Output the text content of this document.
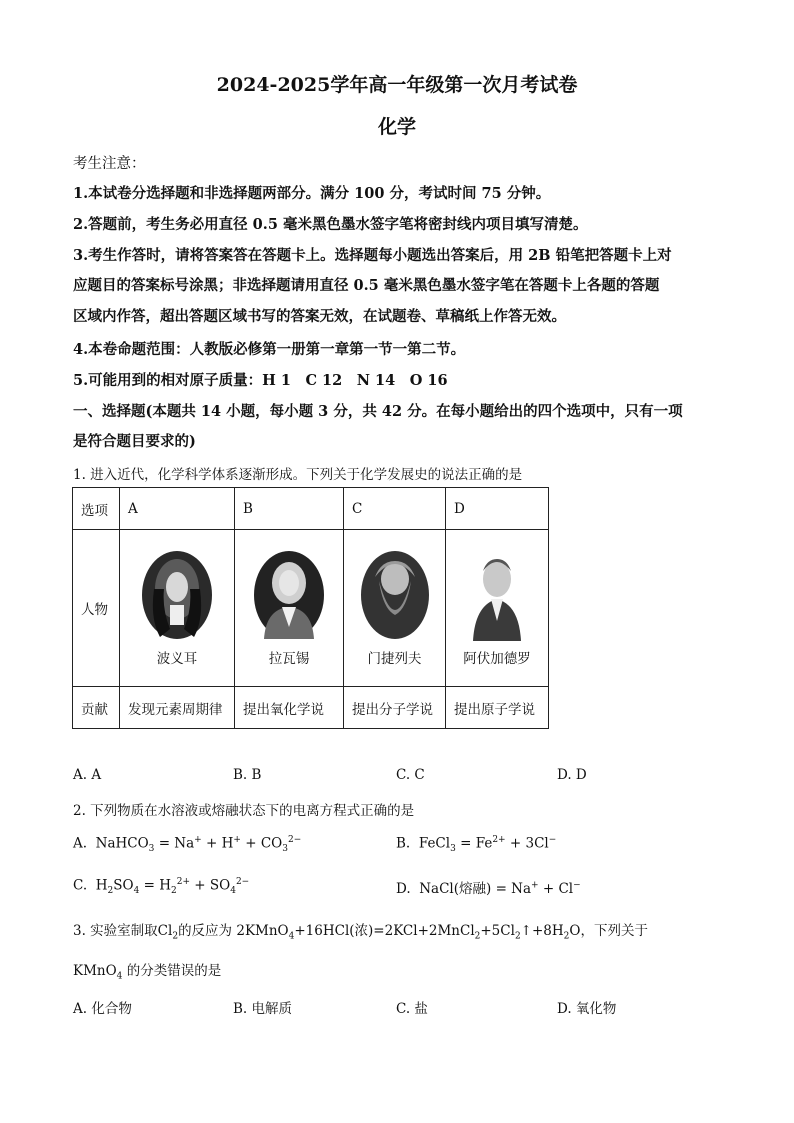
2024-2025学年高一年级第一次月考试卷
化学
考生注意：
1.本试卷分选择题和非选择题两部分。满分 100 分，考试时间 75 分钟。
2.答题前，考生务必用直径 0.5 毫米黑色墨水签字笔将密封线内项目填写清楚。
3.考生作答时，请将答案答在答题卡上。选择题每小题选出答案后，用 2B 铅笔把答题卡上对
应题目的答案标号涂黑；非选择题请用直径 0.5 毫米黑色墨水签字笔在答题卡上各题的答题
区域内作答，超出答题区域书写的答案无效，在试题卷、草稿纸上作答无效。
4.本卷命题范围：人教版必修第一册第一章第一节一第二节。
5.可能用到的相对原子质量：H 1　C 12　N 14　O 16
一、选择题(本题共 14 小题，每小题 3 分，共 42 分。在每小题给出的四个选项中，只有一项
是符合题目要求的)
1. 进入近代，化学科学体系逐渐形成。下列关于化学发展史的说法正确的是
选项	A	B	C	D
人物	波义耳	拉瓦锡	门捷列夫	阿伏加德罗

贡献	发现元素周期律	提出氧化学说	提出分子学说	提出原子学说
A. A	B. B	C. C	D. D
2. 下列物质在水溶液或熔融状态下的电离方程式正确的是
A. NaHCO$_3$ = $Na^+ + H^+ + CO_3^{2-}$	B. FeCl$_3$ = $Fe^{2+} + 3Cl^-$
C. $H_2SO_4 = H_2^{2+} + SO_4^{2-}$	D. NaCl(熔融) = Na+ + Cl−
3. 实验室制取$Cl_2$的反应为 2KMnO$_4$+16HCl(浓)$=2KCl+2MnCl_2+5Cl_2↑+8H_2O$，下列关于
KMnO$_4$ 的分类错误的是
A. 化合物	B. 电解质	C. 盐	D. 氧化物
